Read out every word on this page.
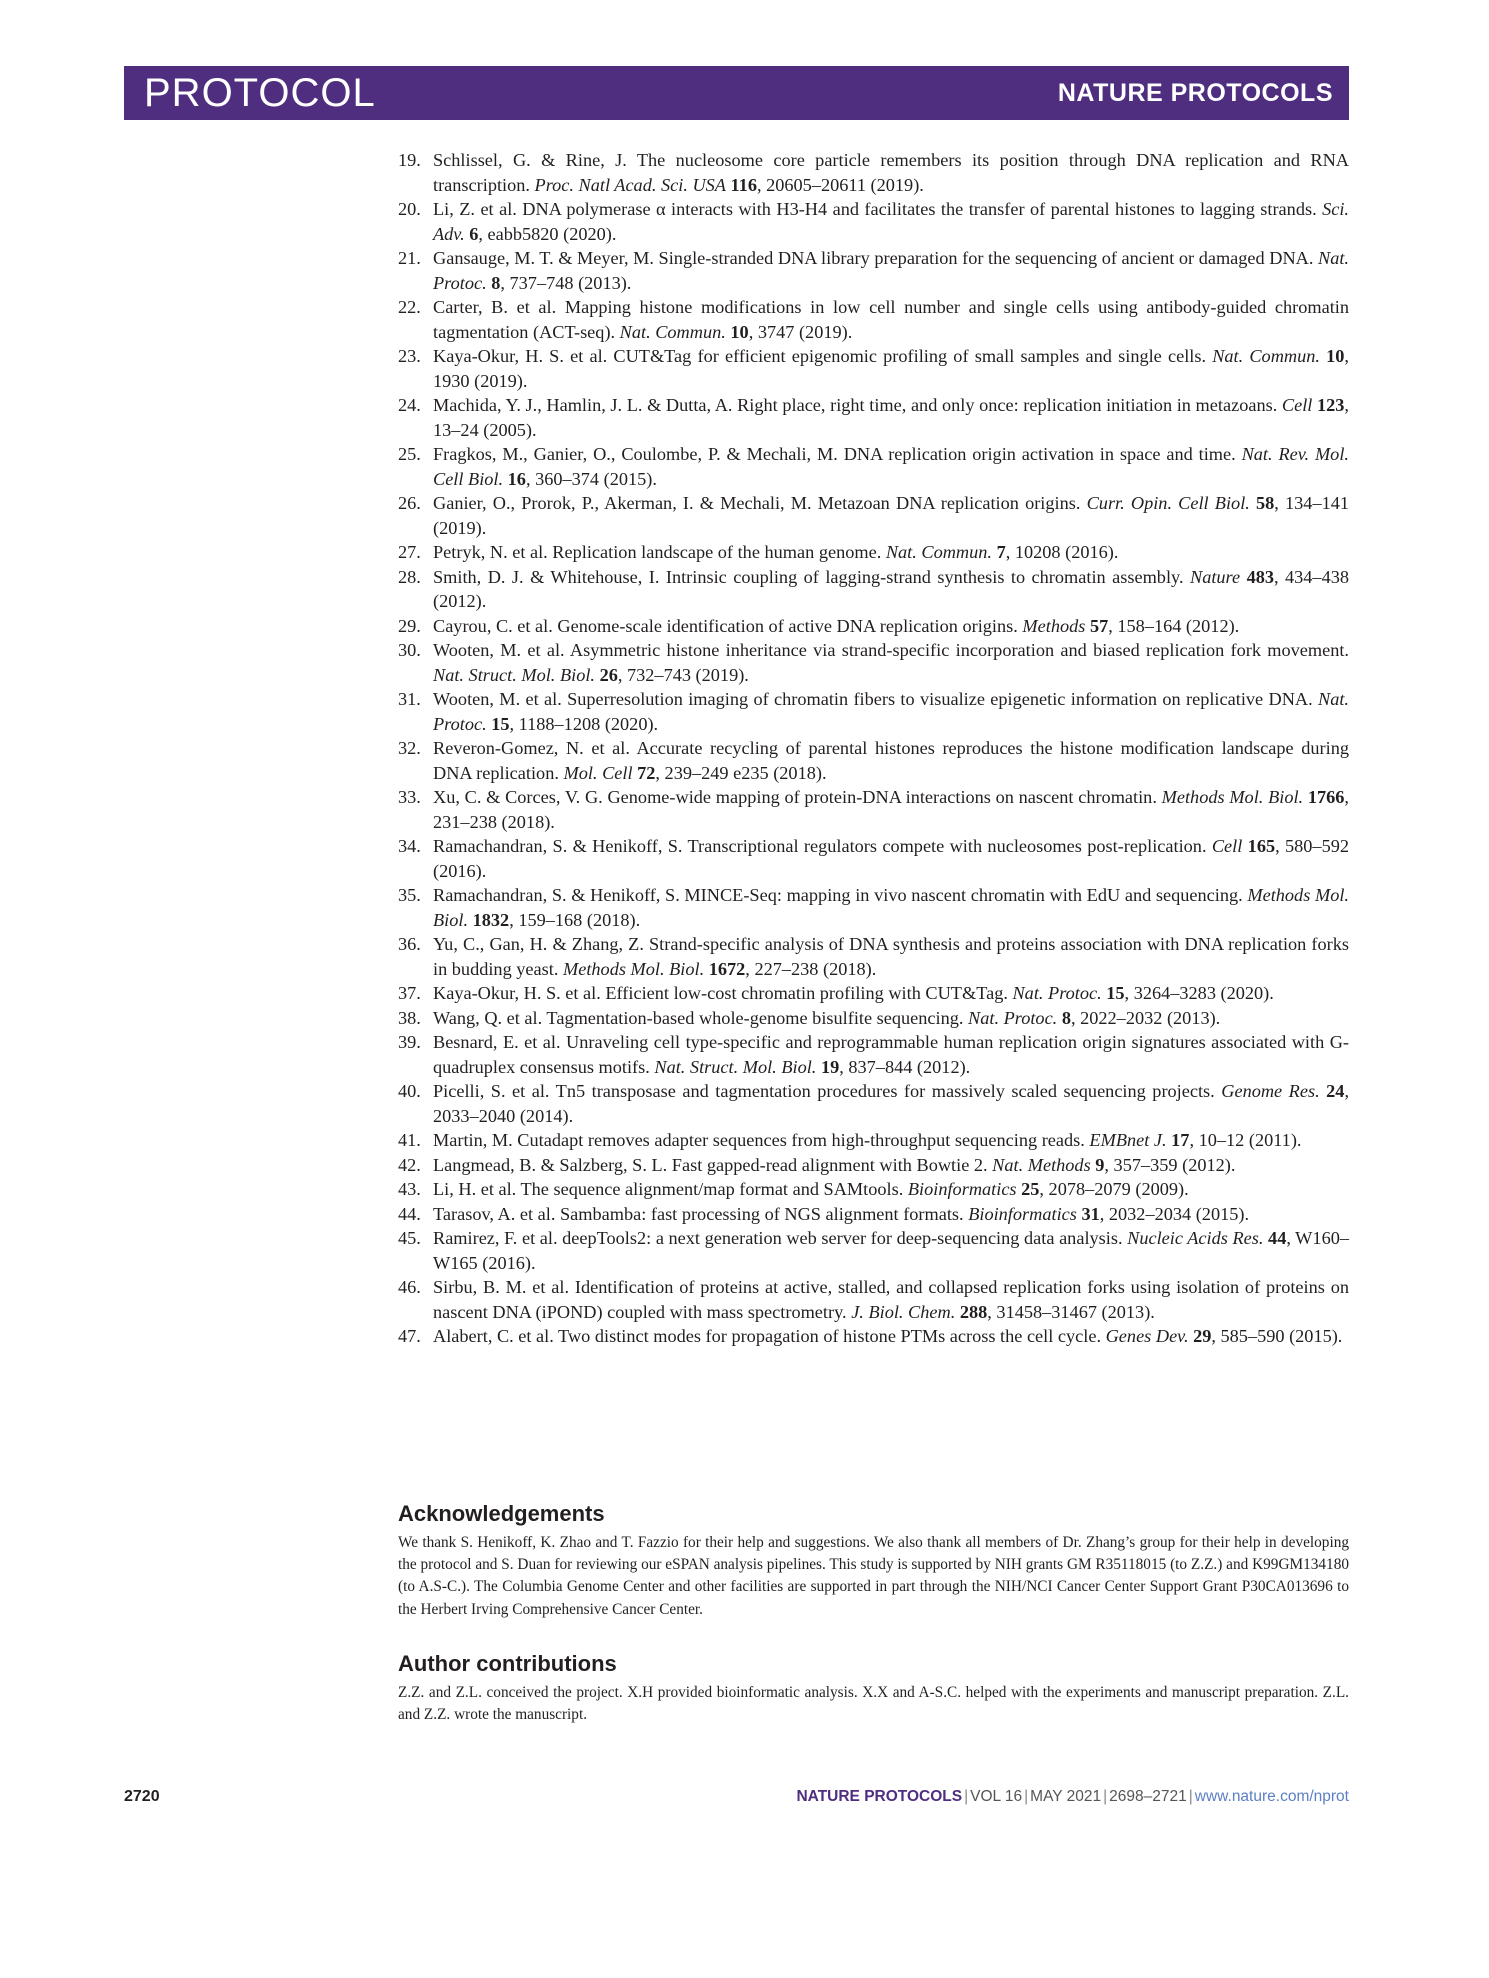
PROTOCOL	NATURE PROTOCOLS
19. Schlissel, G. & Rine, J. The nucleosome core particle remembers its position through DNA replication and RNA transcription. Proc. Natl Acad. Sci. USA 116, 20605–20611 (2019).
20. Li, Z. et al. DNA polymerase α interacts with H3-H4 and facilitates the transfer of parental histones to lagging strands. Sci. Adv. 6, eabb5820 (2020).
21. Gansauge, M. T. & Meyer, M. Single-stranded DNA library preparation for the sequencing of ancient or damaged DNA. Nat. Protoc. 8, 737–748 (2013).
22. Carter, B. et al. Mapping histone modifications in low cell number and single cells using antibody-guided chromatin tagmentation (ACT-seq). Nat. Commun. 10, 3747 (2019).
23. Kaya-Okur, H. S. et al. CUT&Tag for efficient epigenomic profiling of small samples and single cells. Nat. Commun. 10, 1930 (2019).
24. Machida, Y. J., Hamlin, J. L. & Dutta, A. Right place, right time, and only once: replication initiation in metazoans. Cell 123, 13–24 (2005).
25. Fragkos, M., Ganier, O., Coulombe, P. & Mechali, M. DNA replication origin activation in space and time. Nat. Rev. Mol. Cell Biol. 16, 360–374 (2015).
26. Ganier, O., Prorok, P., Akerman, I. & Mechali, M. Metazoan DNA replication origins. Curr. Opin. Cell Biol. 58, 134–141 (2019).
27. Petryk, N. et al. Replication landscape of the human genome. Nat. Commun. 7, 10208 (2016).
28. Smith, D. J. & Whitehouse, I. Intrinsic coupling of lagging-strand synthesis to chromatin assembly. Nature 483, 434–438 (2012).
29. Cayrou, C. et al. Genome-scale identification of active DNA replication origins. Methods 57, 158–164 (2012).
30. Wooten, M. et al. Asymmetric histone inheritance via strand-specific incorporation and biased replication fork movement. Nat. Struct. Mol. Biol. 26, 732–743 (2019).
31. Wooten, M. et al. Superresolution imaging of chromatin fibers to visualize epigenetic information on replicative DNA. Nat. Protoc. 15, 1188–1208 (2020).
32. Reveron-Gomez, N. et al. Accurate recycling of parental histones reproduces the histone modification landscape during DNA replication. Mol. Cell 72, 239–249 e235 (2018).
33. Xu, C. & Corces, V. G. Genome-wide mapping of protein-DNA interactions on nascent chromatin. Methods Mol. Biol. 1766, 231–238 (2018).
34. Ramachandran, S. & Henikoff, S. Transcriptional regulators compete with nucleosomes post-replication. Cell 165, 580–592 (2016).
35. Ramachandran, S. & Henikoff, S. MINCE-Seq: mapping in vivo nascent chromatin with EdU and sequencing. Methods Mol. Biol. 1832, 159–168 (2018).
36. Yu, C., Gan, H. & Zhang, Z. Strand-specific analysis of DNA synthesis and proteins association with DNA replication forks in budding yeast. Methods Mol. Biol. 1672, 227–238 (2018).
37. Kaya-Okur, H. S. et al. Efficient low-cost chromatin profiling with CUT&Tag. Nat. Protoc. 15, 3264–3283 (2020).
38. Wang, Q. et al. Tagmentation-based whole-genome bisulfite sequencing. Nat. Protoc. 8, 2022–2032 (2013).
39. Besnard, E. et al. Unraveling cell type-specific and reprogrammable human replication origin signatures associated with G-quadruplex consensus motifs. Nat. Struct. Mol. Biol. 19, 837–844 (2012).
40. Picelli, S. et al. Tn5 transposase and tagmentation procedures for massively scaled sequencing projects. Genome Res. 24, 2033–2040 (2014).
41. Martin, M. Cutadapt removes adapter sequences from high-throughput sequencing reads. EMBnet J. 17, 10–12 (2011).
42. Langmead, B. & Salzberg, S. L. Fast gapped-read alignment with Bowtie 2. Nat. Methods 9, 357–359 (2012).
43. Li, H. et al. The sequence alignment/map format and SAMtools. Bioinformatics 25, 2078–2079 (2009).
44. Tarasov, A. et al. Sambamba: fast processing of NGS alignment formats. Bioinformatics 31, 2032–2034 (2015).
45. Ramirez, F. et al. deepTools2: a next generation web server for deep-sequencing data analysis. Nucleic Acids Res. 44, W160–W165 (2016).
46. Sirbu, B. M. et al. Identification of proteins at active, stalled, and collapsed replication forks using isolation of proteins on nascent DNA (iPOND) coupled with mass spectrometry. J. Biol. Chem. 288, 31458–31467 (2013).
47. Alabert, C. et al. Two distinct modes for propagation of histone PTMs across the cell cycle. Genes Dev. 29, 585–590 (2015).
Acknowledgements

We thank S. Henikoff, K. Zhao and T. Fazzio for their help and suggestions. We also thank all members of Dr. Zhang’s group for their help in developing the protocol and S. Duan for reviewing our eSPAN analysis pipelines. This study is supported by NIH grants GM R35118015 (to Z.Z.) and K99GM134180 (to A.S-C.). The Columbia Genome Center and other facilities are supported in part through the NIH/NCI Cancer Center Support Grant P30CA013696 to the Herbert Irving Comprehensive Cancer Center.

Author contributions

Z.Z. and Z.L. conceived the project. X.H provided bioinformatic analysis. X.X and A-S.C. helped with the experiments and manuscript preparation. Z.L. and Z.Z. wrote the manuscript.

2720	NATURE PROTOCOLS | VOL 16 | MAY 2021 | 2698–2721 | www.nature.com/nprot
